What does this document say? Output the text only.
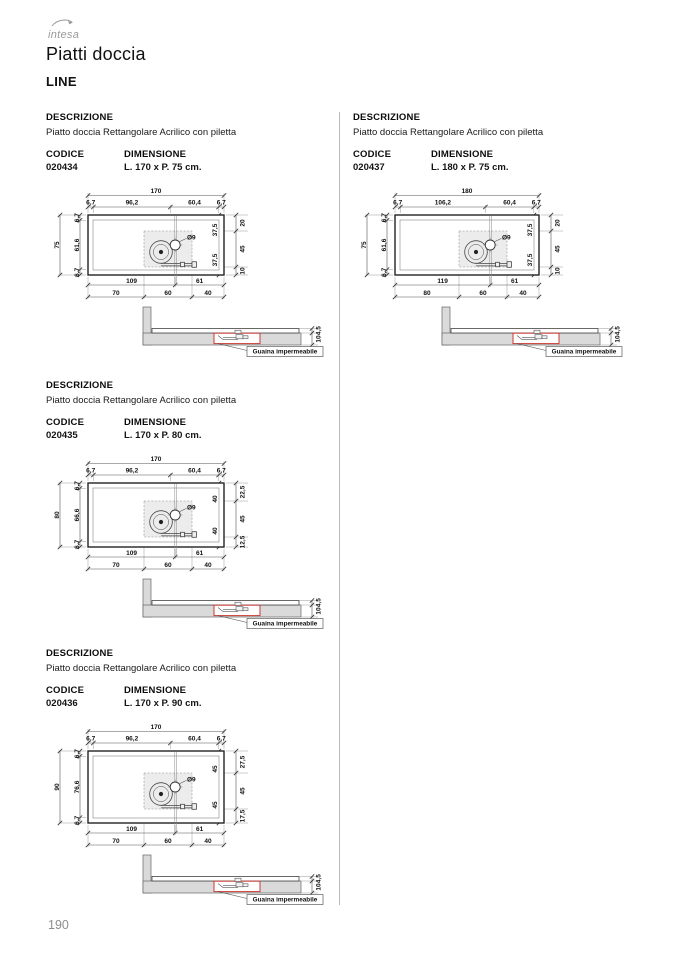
intesa
Piatti doccia
LINE
190
DESCRIZIONE
Piatto doccia Rettangolare Acrilico con piletta
CODICE
020434
DIMENSIONE
L. 170 x P. 75 cm.
170
6,7	96,2	60,4 6,7
75
6,7
61,6
6,7
37,5
37,5
20
45
10
109	61
70	60	40
Ø9
4,5
10
Guaina impermeabile
DESCRIZIONE
Piatto doccia Rettangolare Acrilico con piletta
CODICE
020435
DIMENSIONE
L. 170 x P. 80 cm.
170
6,7	96,2	60,4 6,7
80
6,7
66,6
6,7
40
40
22,5
45
12,5
109	61
70	60	40
Ø9
4,5
10
Guaina impermeabile
DESCRIZIONE
Piatto doccia Rettangolare Acrilico con piletta
CODICE
020436
DIMENSIONE
L. 170 x P. 90 cm.
170
6,7	96,2	60,4 6,7
90
6,7
76,6
6,7
45
45
27,5
45
17,5
109	61
70	60	40
Ø9
4,5
10
Guaina impermeabile
DESCRIZIONE
Piatto doccia Rettangolare Acrilico con piletta
CODICE
020437
DIMENSIONE
L. 180 x P. 75 cm.
180
6,7	106,2	60,4 6,7
75
6,7
61,6
6,7
37,5
37,5
20
45
10
119	61
80	60	40
Ø9
4,5
10
Guaina impermeabile
